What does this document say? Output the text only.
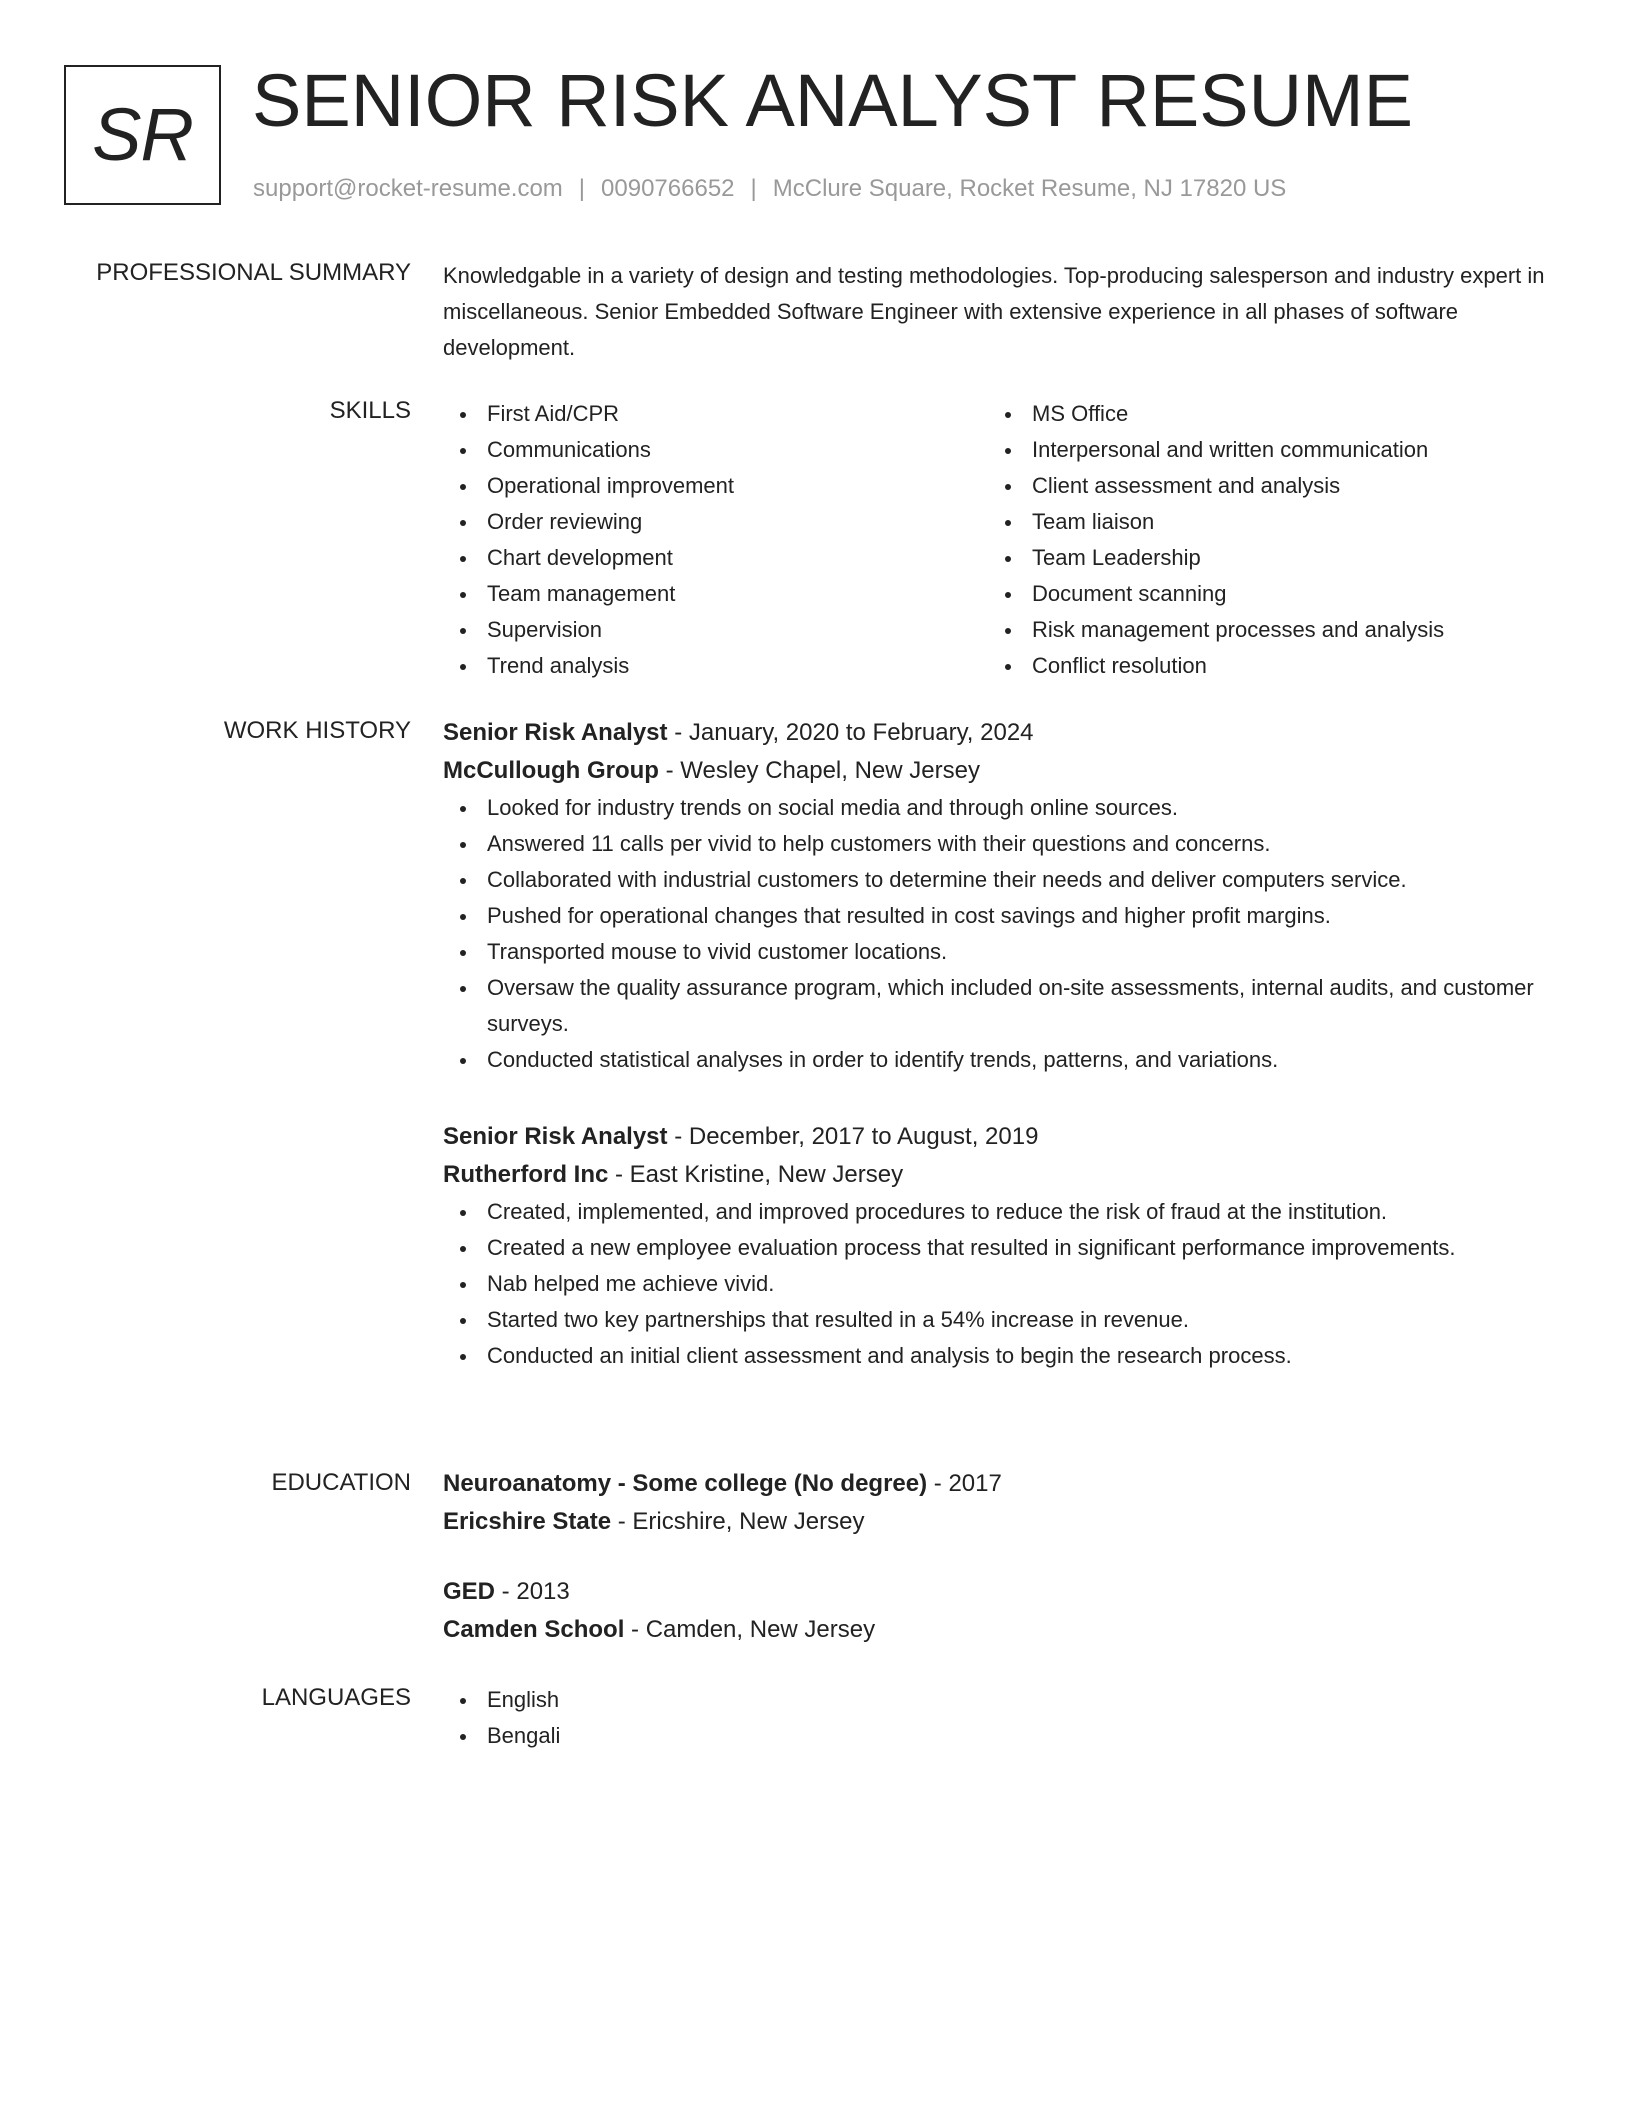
SR SENIOR RISK ANALYST RESUME
support@rocket-resume.com | 0090766652 | McClure Square, Rocket Resume, NJ 17820 US
PROFESSIONAL SUMMARY Knowledgable in a variety of design and testing methodologies. Top-producing salesperson and industry expert in miscellaneous. Senior Embedded Software Engineer with extensive experience in all phases of software development.

SKILLS	First Aid/CPR
Communications
Operational improvement
Order reviewing
Chart development
Team management
Supervision
Trend analysis
MS Office
Interpersonal and written communication
Client assessment and analysis
Team liaison
Team Leadership
Document scanning
Risk management processes and analysis
Conflict resolution
WORK HISTORY Senior Risk Analyst - January, 2020 to February, 2024
McCullough Group - Wesley Chapel, New Jersey
Looked for industry trends on social media and through online sources.
Answered 11 calls per vivid to help customers with their questions and concerns.
Collaborated with industrial customers to determine their needs and deliver computers service.
Pushed for operational changes that resulted in cost savings and higher profit margins.
Transported mouse to vivid customer locations.
Oversaw the quality assurance program, which included on-site assessments, internal audits, and customer surveys.
Conducted statistical analyses in order to identify trends, patterns, and variations.
Senior Risk Analyst - December, 2017 to August, 2019
Rutherford Inc - East Kristine, New Jersey
Created, implemented, and improved procedures to reduce the risk of fraud at the institution.
Created a new employee evaluation process that resulted in significant performance improvements.
Nab helped me achieve vivid.
Started two key partnerships that resulted in a 54% increase in revenue.
Conducted an initial client assessment and analysis to begin the research process.
EDUCATION Neuroanatomy - Some college (No degree) - 2017
Ericshire State - Ericshire, New Jersey
GED - 2013
Camden School - Camden, New Jersey
LANGUAGES	English
Bengali
